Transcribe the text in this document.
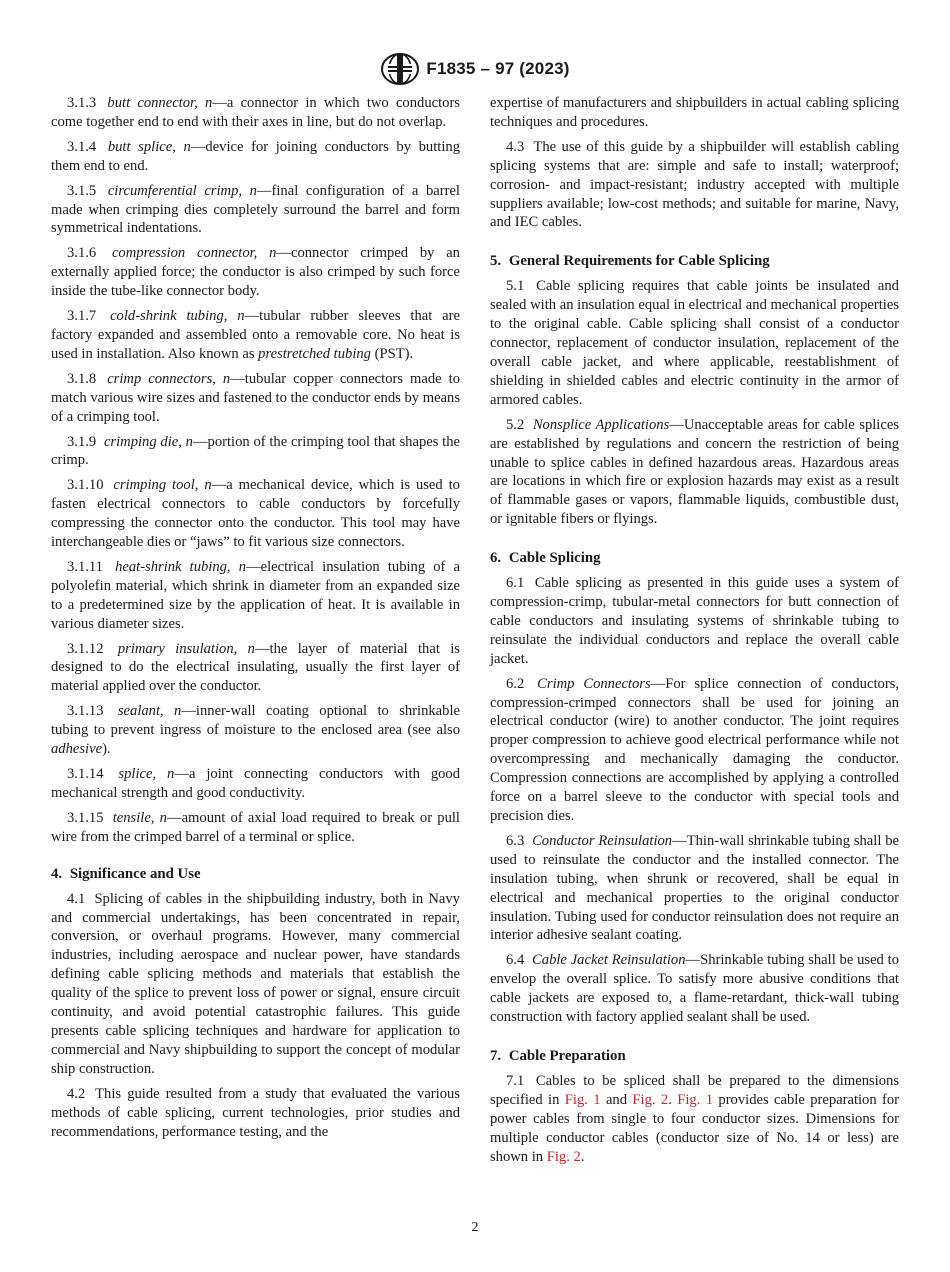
F1835 – 97 (2023)

3.1.3 butt connector, n—a connector in which two conductors come together end to end with their axes in line, but do not overlap.

3.1.4 butt splice, n—device for joining conductors by butting them end to end.

3.1.5 circumferential crimp, n—final configuration of a barrel made when crimping dies completely surround the barrel and form symmetrical indentations.

3.1.6 compression connector, n—connector crimped by an externally applied force; the conductor is also crimped by such force inside the tube-like connector body.

3.1.7 cold-shrink tubing, n—tubular rubber sleeves that are factory expanded and assembled onto a removable core. No heat is used in installation. Also known as prestretched tubing (PST).

3.1.8 crimp connectors, n—tubular copper connectors made to match various wire sizes and fastened to the conductor ends by means of a crimping tool.

3.1.9 crimping die, n—portion of the crimping tool that shapes the crimp.

3.1.10 crimping tool, n—a mechanical device, which is used to fasten electrical connectors to cable conductors by forcefully compressing the connector onto the conductor. This tool may have interchangeable dies or “jaws” to fit various size connectors.

3.1.11 heat-shrink tubing, n—electrical insulation tubing of a polyolefin material, which shrink in diameter from an expanded size to a predetermined size by the application of heat. It is available in various diameter sizes.

3.1.12 primary insulation, n—the layer of material that is designed to do the electrical insulating, usually the first layer of material applied over the conductor.

3.1.13 sealant, n—inner-wall coating optional to shrinkable tubing to prevent ingress of moisture to the enclosed area (see also adhesive).

3.1.14 splice, n—a joint connecting conductors with good mechanical strength and good conductivity.

3.1.15 tensile, n—amount of axial load required to break or pull wire from the crimped barrel of a terminal or splice.

4. Significance and Use

4.1 Splicing of cables in the shipbuilding industry, both in Navy and commercial undertakings, has been concentrated in repair, conversion, or overhaul programs. However, many commercial industries, including aerospace and nuclear power, have standards defining cable splicing methods and materials that establish the quality of the splice to prevent loss of power or signal, ensure circuit continuity, and avoid potential catastrophic failures. This guide presents cable splicing techniques and hardware for application to commercial and Navy shipbuilding to support the concept of modular ship construction.

4.2 This guide resulted from a study that evaluated the various methods of cable splicing, current technologies, prior studies and recommendations, performance testing, and the

expertise of manufacturers and shipbuilders in actual cabling splicing techniques and procedures.

4.3 The use of this guide by a shipbuilder will establish cabling splicing systems that are: simple and safe to install; waterproof; corrosion- and impact-resistant; industry accepted with multiple suppliers available; low-cost methods; and suitable for marine, Navy, and IEC cables.

5. General Requirements for Cable Splicing

5.1 Cable splicing requires that cable joints be insulated and sealed with an insulation equal in electrical and mechanical properties to the original cable. Cable splicing shall consist of a conductor connector, replacement of conductor insulation, replacement of the overall cable jacket, and where applicable, reestablishment of shielding in shielded cables and electric continuity in the armor of armored cables.

5.2 Nonsplice Applications—Unacceptable areas for cable splices are established by regulations and concern the restriction of being unable to splice cables in defined hazardous areas. Hazardous areas are locations in which fire or explosion hazards may exist as a result of flammable gases or vapors, flammable liquids, combustible dust, or ignitable fibers or flyings.

6. Cable Splicing

6.1 Cable splicing as presented in this guide uses a system of compression-crimp, tubular-metal connectors for butt connection of cable conductors and insulating systems of shrinkable tubing to reinsulate the individual conductors and replace the overall cable jacket.

6.2 Crimp Connectors—For splice connection of conductors, compression-crimped connectors shall be used for joining an electrical conductor (wire) to another conductor. The joint requires proper compression to achieve good electrical performance while not overcompressing and mechanically damaging the conductor. Compression connections are accomplished by applying a controlled force on a barrel sleeve to the conductor with special tools and precision dies.

6.3 Conductor Reinsulation—Thin-wall shrinkable tubing shall be used to reinsulate the conductor and the installed connector. The insulation tubing, when shrunk or recovered, shall be equal in electrical and mechanical properties to the original conductor insulation. Tubing used for conductor reinsulation does not require an interior adhesive sealant coating.

6.4 Cable Jacket Reinsulation—Shrinkable tubing shall be used to envelop the overall splice. To satisfy more abusive conditions that cable jackets are exposed to, a flame-retardant, thick-wall tubing construction with factory applied sealant shall be used.

7. Cable Preparation

7.1 Cables to be spliced shall be prepared to the dimensions specified in Fig. 1 and Fig. 2. Fig. 1 provides cable preparation for power cables from single to four conductor sizes. Dimensions for multiple conductor cables (conductor size of No. 14 or less) are shown in Fig. 2.

2
